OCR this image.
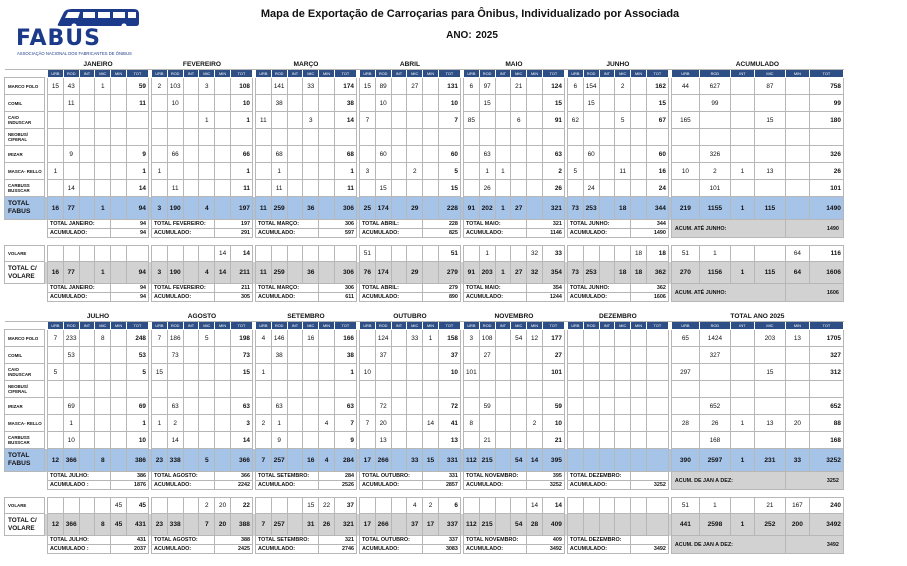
FABUS
ASSOCIAÇÃO NACIONAL DOS FABRICANTES DE ÔNIBUS
Mapa de Exportação de Carroçarias para Ônibus, Individualizado por Associada
ANO: 2025
		JANEIRO							FEVEREIRO							MARÇO							ABRIL							MAIO							JUNHO							ACUMULADO					
		URB	ROD	INT	MIC	MIN	TOT		URB	ROD	INT	MIC	MIN	TOT		URB	ROD	INT	MIC	MIN	TOT		URB	ROD	INT	MIC	MIN	TOT		URB	ROD	INT	MIC	MIN	TOT		URB	ROD	INT	MIC	MIN	TOT		URB	ROD	INT	MIC	MIN	TOT
MARCO POLO		15	43		1		59		2	103		3		108			141		33		174		15	89		27		131		6	97		21		124		6	154		2		162		44	627		87		758
COMIL			11				11			10				10			38				38			10				10			15				15			15				15			99				99
CAIO INDUSCAR												1		1		11			3		14		7					7		85			6		91		62			5		67		165			15		180
NEOBUS/ CIFERAL																																																	
IRIZAR			9				9			66				66			68				68			60				60			63				63			60				60			326				326
MASCA- RELLO		1					1		1					1			1				1		3			2		5			1	1			2		5			11		16		10	2	1	13		26
CARBUSS BUSSCAR			14				14			11				11			11				11			15				15			26				26			24				24			101				101
TOTAL FABUS		16	77		1		94		3	190		4		197		11	259		36		306		25	174		29		228		91	202	1	27		321		73	253		18		344		219	1155	1	115		1490
		TOTAL JANEIRO:				94			TOTAL FEVEREIRO:				197			TOTAL MARÇO:				306			TOTAL ABRIL:				228			TOTAL MAIO:				321			TOTAL JUNHO:				344			ACUM. ATÉ JUNHO:				1490	
		ACUMULADO:				94			ACUMULADO:				291			ACUMULADO:				597			ACUMULADO:				825			ACUMULADO:				1146			ACUMULADO:				1490								

VOLARE													14	14									51					51			1			32	33						18	18		51	1			64	116
TOTAL C/ VOLARE		16	77		1		94		3	190		4	14	211		11	259		36		306		76	174		29		279		91	203	1	27	32	354		73	253		18	18	362		270	1156	1	115	64	1606
		TOTAL JANEIRO:				94			TOTAL FEVEREIRO:				211			TOTAL MARÇO:				306			TOTAL ABRIL:				279			TOTAL MAIO:				354			TOTAL JUNHO:				362			ACUM. ATÉ JUNHO:				1606	
		ACUMULADO:				94			ACUMULADO:				305			ACUMULADO:				611			ACUMULADO:				890			ACUMULADO:				1244			ACUMULADO:				1606								
		JULHO							AGOSTO							SETEMBRO							OUTUBRO							NOVEMBRO							DEZEMBRO							TOTAL ANO 2025					
		URB	ROD	INT	MIC	MIN	TOT		URB	ROD	INT	MIC	MIN	TOT		URB	ROD	INT	MIC	MIN	TOT		URB	ROD	INT	MIC	MIN	TOT		URB	ROD	INT	MIC	MIN	TOT		URB	ROD	INT	MIC	MIN	TOT		URB	ROD	INT	MIC	MIN	TOT
MARCO POLO		7	233		8		248		7	186		5		198		4	146		16		166			124		33	1	158		3	108		54	12	177									65	1424		203	13	1705
COMIL			53				53			73				73			38				38			37				37			27				27										327				327
CAIO INDUSCAR		5					5		15					15		1					1		10					10		101					101									297			15		312
NEOBUS/ CIFERAL																																																	
IRIZAR			69				69			63				63			63				63			72				72			59				59										652				652
MASCA- RELLO			1				1		1	2				3		2	1			4	7		7	20			14	41		8				2	10									28	26	1	13	20	88
CARBUSS BUSSCAR			10				10			14				14			9				9			13				13			21				21										168				168
TOTAL FABUS		12	366		8		386		23	338		5		366		7	257		16	4	284		17	266		33	15	331		112	215		54	14	395									390	2597	1	231	33	3252
		TOTAL JULHO:				386			TOTAL AGOSTO:				366			TOTAL SETEMBRO:				284			TOTAL OUTUBRO:				331			TOTAL NOVEMBRO:				395			TOTAL DEZEMBRO:							ACUM. DE JAN A DEZ:				3252	
		ACUMULADO :				1876			ACUMULADO:				2242			ACUMULADO:				2526			ACUMULADO:				2857			ACUMULADO:				3252			ACUMULADO:				3252								

VOLARE						45	45					2	20	22					15	22	37					4	2	6						14	14									51	1		21	167	240
TOTAL C/ VOLARE		12	366		8	45	431		23	338		7	20	388		7	257		31	26	321		17	266		37	17	337		112	215		54	28	409									441	2598	1	252	200	3492
		TOTAL JULHO:				431			TOTAL AGOSTO:				388			TOTAL SETEMBRO:				321			TOTAL OUTUBRO:				337			TOTAL NOVEMBRO:				409			TOTAL DEZEMBRO:							ACUM. DE JAN A DEZ:				3492	
		ACUMULADO :				2037			ACUMULADO:				2425			ACUMULADO:				2746			ACUMULADO:				3083			ACUMULADO:				3492			ACUMULADO:				3492								
